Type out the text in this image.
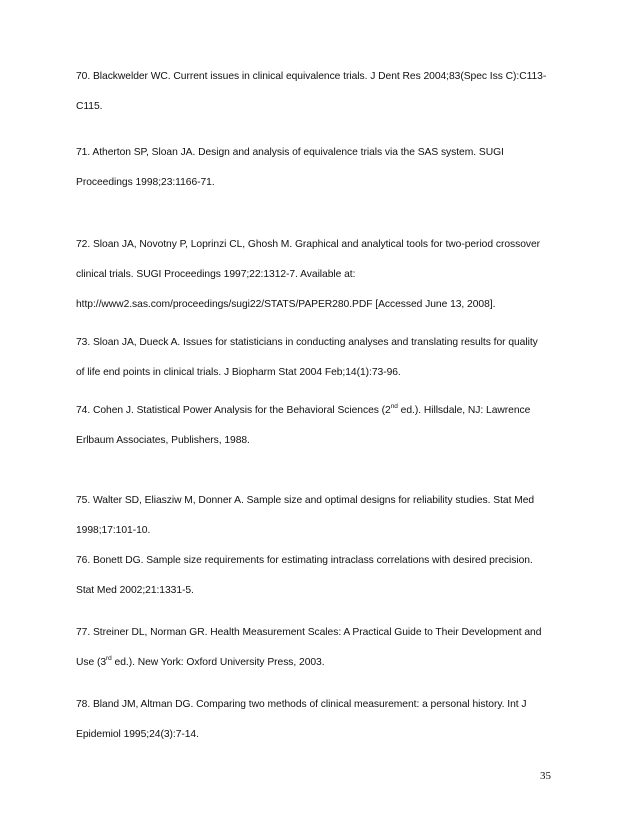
70. Blackwelder WC. Current issues in clinical equivalence trials. J Dent Res 2004;83(Spec Iss C):C113-
C115.
71. Atherton SP, Sloan JA. Design and analysis of equivalence trials via the SAS system. SUGI
Proceedings 1998;23:1166-71.
72. Sloan JA, Novotny P, Loprinzi CL, Ghosh M. Graphical and analytical tools for two-period crossover
clinical trials. SUGI Proceedings 1997;22:1312-7. Available at:
http://www2.sas.com/proceedings/sugi22/STATS/PAPER280.PDF [Accessed June 13, 2008].
73. Sloan JA, Dueck A. Issues for statisticians in conducting analyses and translating results for quality
of life end points in clinical trials. J Biopharm Stat 2004 Feb;14(1):73-96.
74. Cohen J. Statistical Power Analysis for the Behavioral Sciences (2nd ed.). Hillsdale, NJ: Lawrence
Erlbaum Associates, Publishers, 1988.
75. Walter SD, Eliasziw M, Donner A. Sample size and optimal designs for reliability studies. Stat Med
1998;17:101-10.
76. Bonett DG. Sample size requirements for estimating intraclass correlations with desired precision.
Stat Med 2002;21:1331-5.
77. Streiner DL, Norman GR. Health Measurement Scales: A Practical Guide to Their Development and
Use (3rd ed.). New York: Oxford University Press, 2003.
78. Bland JM, Altman DG. Comparing two methods of clinical measurement: a personal history. Int J
Epidemiol 1995;24(3):7-14.
35
